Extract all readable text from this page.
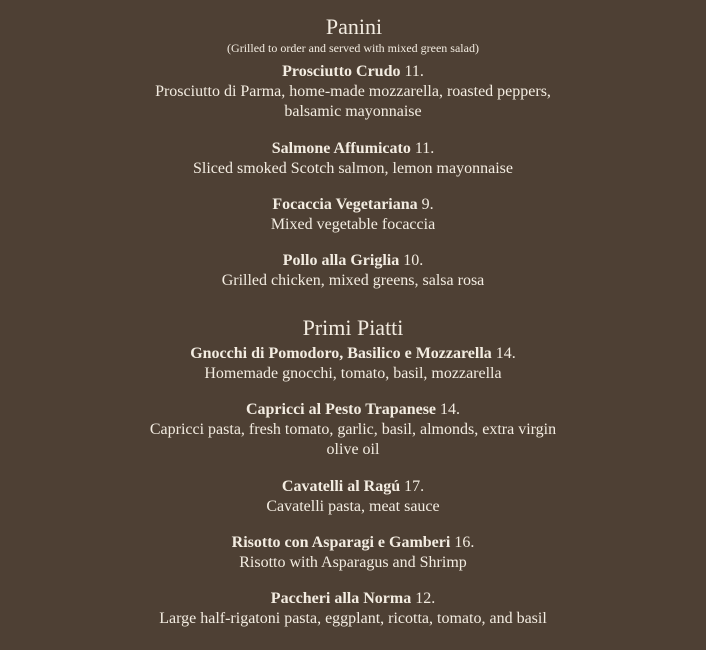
Panini

(Grilled to order and served with mixed green salad)

Prosciutto Crudo 11.

Prosciutto di Parma, home-made mozzarella, roasted peppers,

balsamic mayonnaise

Salmone Affumicato 11.

Sliced smoked Scotch salmon, lemon mayonnaise

Focaccia Vegetariana 9.

Mixed vegetable focaccia

Pollo alla Griglia 10.

Grilled chicken, mixed greens, salsa rosa

Primi Piatti
Gnocchi di Pomodoro, Basilico e Mozzarella 14.

Homemade gnocchi, tomato, basil, mozzarella

Capricci al Pesto Trapanese 14.

Capricci pasta, fresh tomato, garlic, basil, almonds, extra virgin

olive oil

Cavatelli al Ragú 17.

Cavatelli pasta, meat sauce

Risotto con Asparagi e Gamberi 16.

Risotto with Asparagus and Shrimp

Paccheri alla Norma 12.

Large half-rigatoni pasta, eggplant, ricotta, tomato, and basil
